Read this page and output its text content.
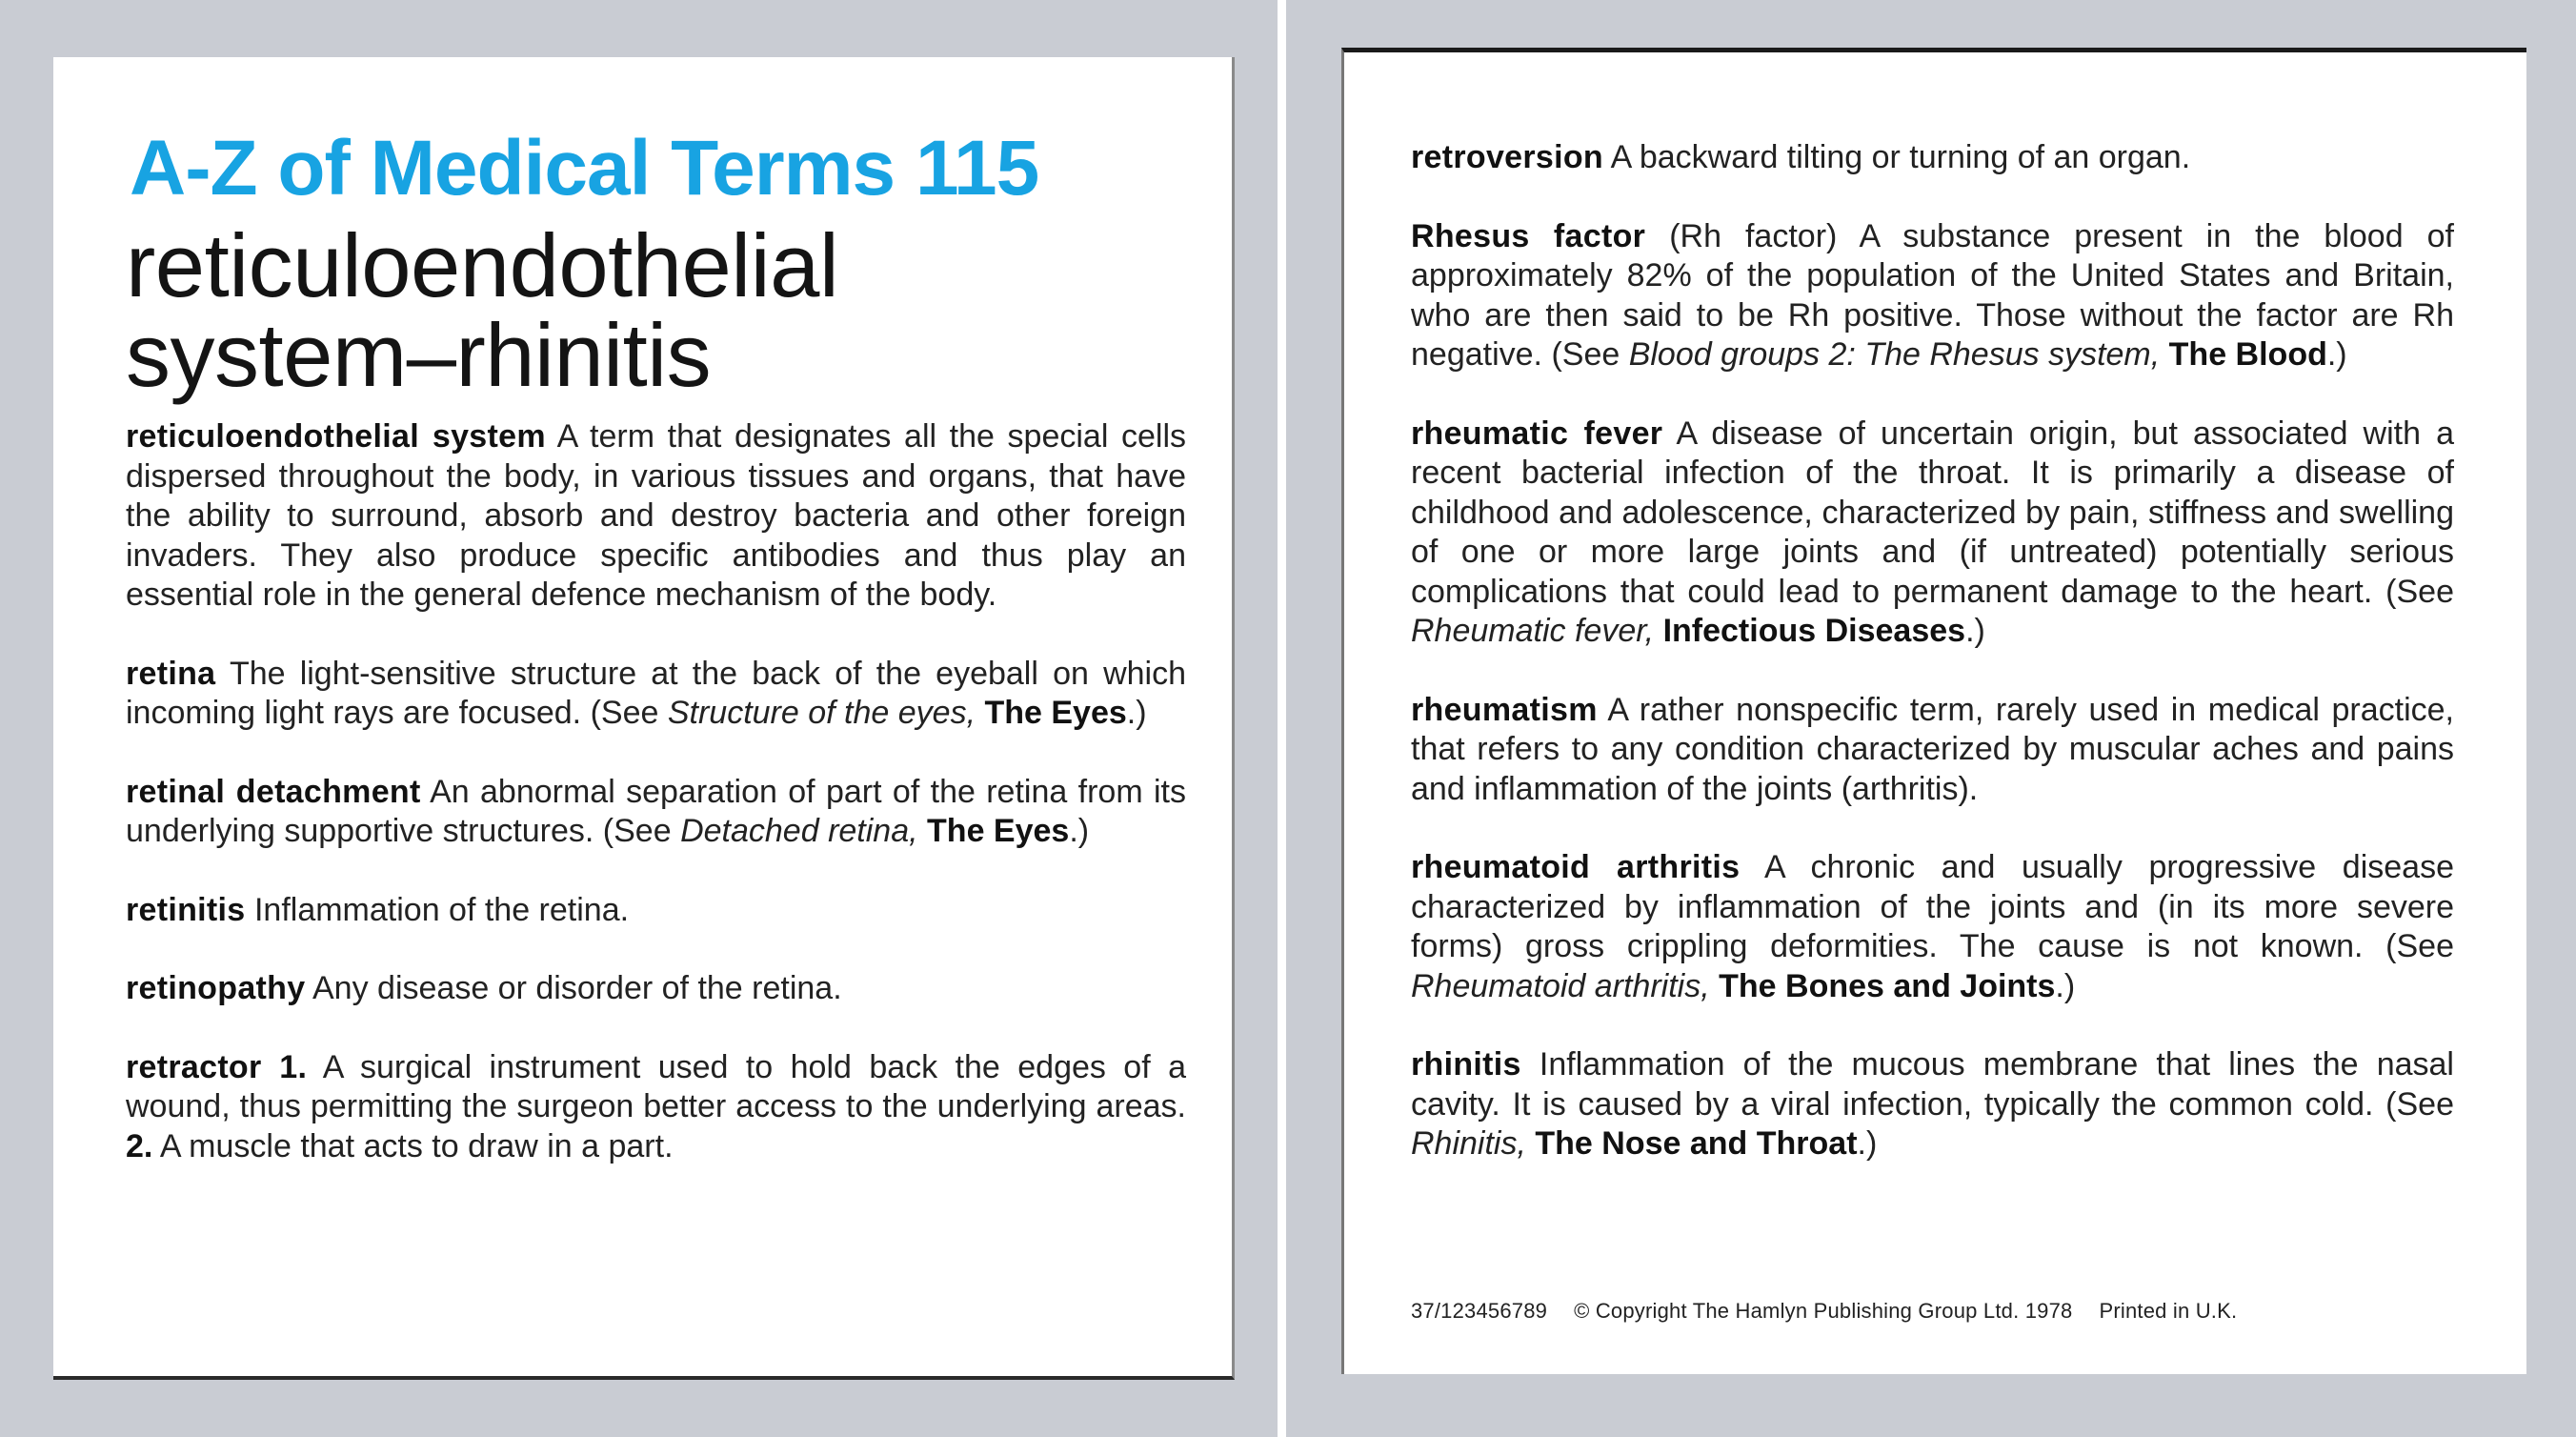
A-Z of Medical Terms 115
reticuloendothelial
system–rhinitis

reticuloendothelial system A term that designates all the special cells dispersed throughout the body, in various tissues and organs, that have the ability to surround, absorb and destroy bacteria and other foreign invaders. They also produce specific antibodies and thus play an essential role in the general defence mechanism of the body.

retina The light-sensitive structure at the back of the eyeball on which incoming light rays are focused. (See Structure of the eyes, The Eyes.)

retinal detachment An abnormal separation of part of the retina from its underlying supportive structures. (See Detached retina, The Eyes.)

retinitis Inflammation of the retina.

retinopathy Any disease or disorder of the retina.

retractor 1. A surgical instrument used to hold back the edges of a wound, thus permitting the surgeon better access to the underlying areas. 2. A muscle that acts to draw in a part.

retroversion A backward tilting or turning of an organ.

Rhesus factor (Rh factor) A substance present in the blood of approximately 82% of the population of the United States and Britain, who are then said to be Rh positive. Those without the factor are Rh negative. (See Blood groups 2: The Rhesus system, The Blood.)

rheumatic fever A disease of uncertain origin, but associated with a recent bacterial infection of the throat. It is primarily a disease of childhood and adolescence, characterized by pain, stiffness and swelling of one or more large joints and (if untreated) potentially serious complications that could lead to permanent damage to the heart. (See Rheumatic fever, Infectious Diseases.)

rheumatism A rather nonspecific term, rarely used in medical practice, that refers to any condition characterized by muscular aches and pains and inflammation of the joints (arthritis).

rheumatoid arthritis A chronic and usually progressive disease characterized by inflammation of the joints and (in its more severe forms) gross crippling deformities. The cause is not known. (See Rheumatoid arthritis, The Bones and Joints.)

rhinitis Inflammation of the mucous membrane that lines the nasal cavity. It is caused by a viral infection, typically the common cold. (See Rhinitis, The Nose and Throat.)

37/123456789 © Copyright The Hamlyn Publishing Group Ltd. 1978 Printed in U.K.
